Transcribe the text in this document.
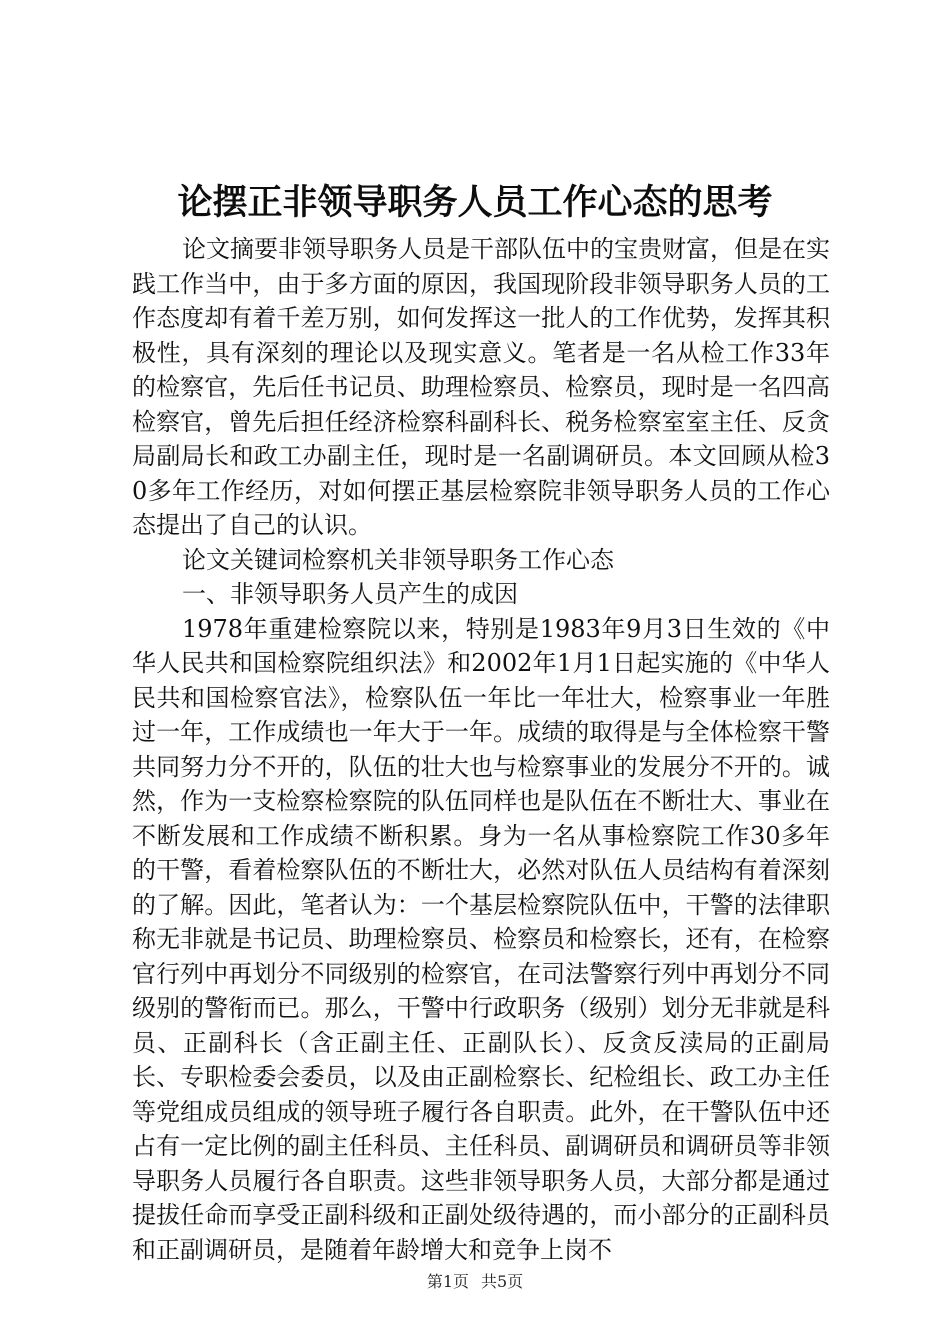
论摆正非领导职务人员工作心态的思考

论文摘要非领导职务人员是干部队伍中的宝贵财富，但是在实践工作当中，由于多方面的原因，我国现阶段非领导职务人员的工作态度却有着千差万别，如何发挥这一批人的工作优势，发挥其积极性，具有深刻的理论以及现实意义。笔者是一名从检工作33年的检察官，先后任书记员、助理检察员、检察员，现时是一名四高检察官，曾先后担任经济检察科副科长、税务检察室室主任、反贪局副局长和政工办副主任，现时是一名副调研员。本文回顾从检30多年工作经历，对如何摆正基层检察院非领导职务人员的工作心态提出了自己的认识。

论文关键词检察机关非领导职务工作心态

一、非领导职务人员产生的成因

1978年重建检察院以来，特别是1983年9月3日生效的《中华人民共和国检察院组织法》和2002年1月1日起实施的《中华人民共和国检察官法》，检察队伍一年比一年壮大，检察事业一年胜过一年，工作成绩也一年大于一年。成绩的取得是与全体检察干警共同努力分不开的，队伍的壮大也与检察事业的发展分不开的。诚然，作为一支检察检察院的队伍同样也是队伍在不断壮大、事业在不断发展和工作成绩不断积累。身为一名从事检察院工作30多年的干警，看着检察队伍的不断壮大，必然对队伍人员结构有着深刻的了解。因此，笔者认为：一个基层检察院队伍中，干警的法律职称无非就是书记员、助理检察员、检察员和检察长，还有，在检察官行列中再划分不同级别的检察官，在司法警察行列中再划分不同级别的警衔而已。那么，干警中行政职务（级别）划分无非就是科员、正副科长（含正副主任、正副队长）、反贪反渎局的正副局长、专职检委会委员，以及由正副检察长、纪检组长、政工办主任等党组成员组成的领导班子履行各自职责。此外，在干警队伍中还占有一定比例的副主任科员、主任科员、副调研员和调研员等非领导职务人员履行各自职责。这些非领导职务人员，大部分都是通过提拔任命而享受正副科级和正副处级待遇的，而小部分的正副科员和正副调研员，是随着年龄增大和竞争上岗不

第1页 共5页
